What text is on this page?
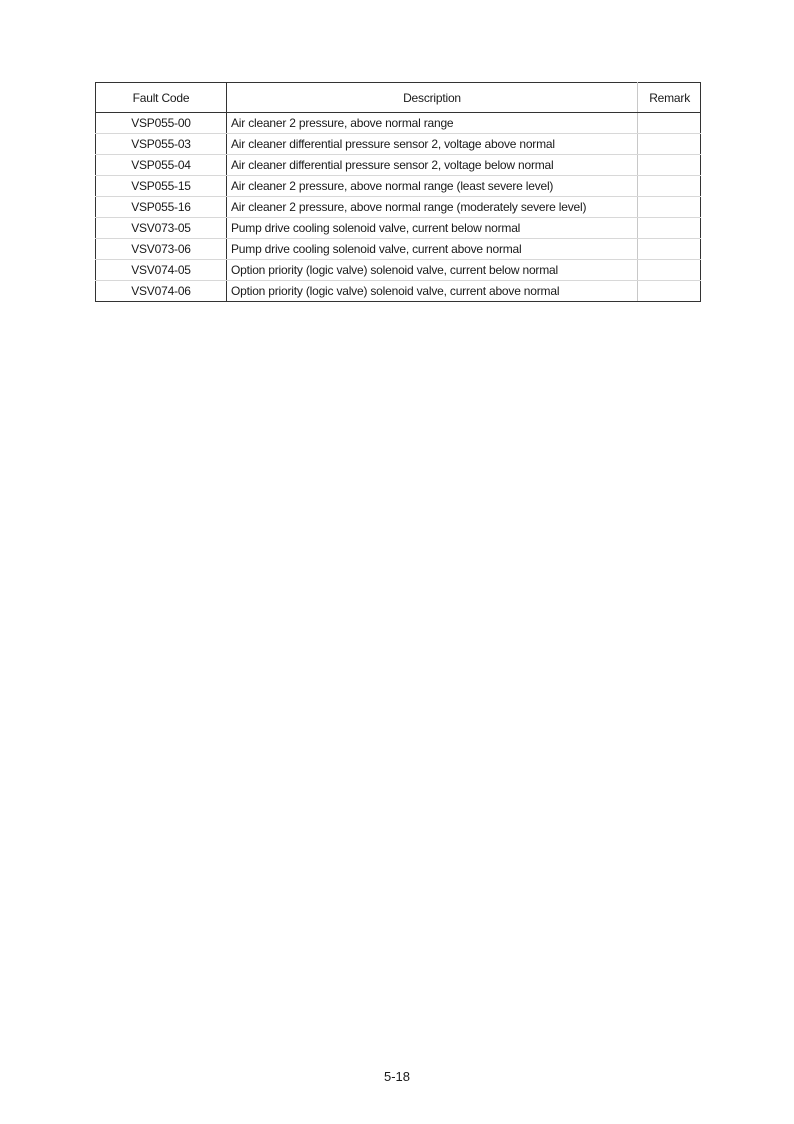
Fault Code	Description	Remark
VSP055-00	Air cleaner 2 pressure, above normal range	
VSP055-03	Air cleaner differential pressure sensor 2, voltage above normal	
VSP055-04	Air cleaner differential pressure sensor 2, voltage below normal	
VSP055-15	Air cleaner 2 pressure, above normal range (least severe level)	
VSP055-16	Air cleaner 2 pressure, above normal range (moderately severe level)	
VSV073-05	Pump drive cooling solenoid valve, current below normal	
VSV073-06	Pump drive cooling solenoid valve, current above normal	
VSV074-05	Option priority (logic valve) solenoid valve, current below normal	
VSV074-06	Option priority (logic valve) solenoid valve, current above normal	
5-18
